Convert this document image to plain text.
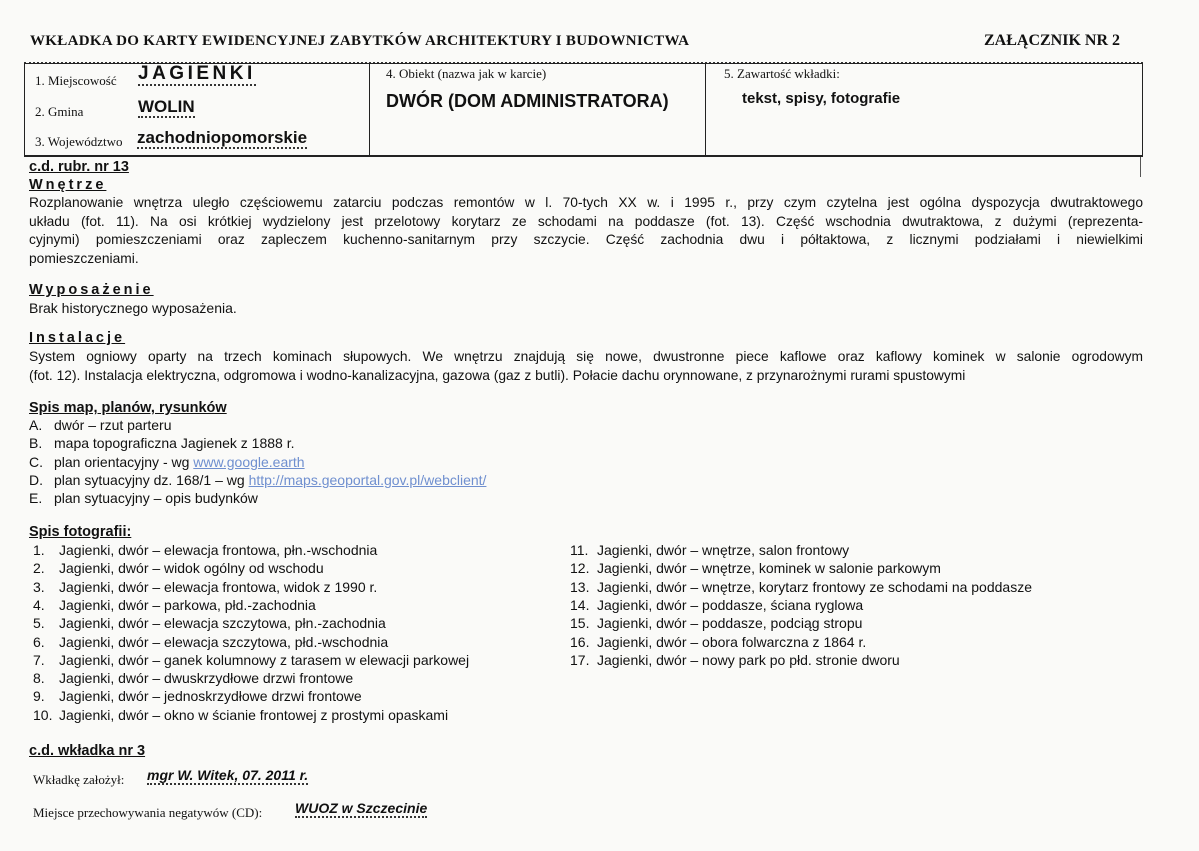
WKŁADKA DO KARTY EWIDENCYJNEJ ZABYTKÓW ARCHITEKTURY I BUDOWNICTWA	ZAŁĄCZNIK NR 2
1. Miejscowość JAGIENKI
2. Gmina	WOLIN
3. Województwo zachodniopomorskie
4. Obiekt (nazwa jak w karcie)
DWÓR (DOM ADMINISTRATORA)
5. Zawartość wkładki:
tekst, spisy, fotografie
c.d. rubr. nr 13
Wnętrze
Rozplanowanie wnętrza uległo częściowemu zatarciu podczas remontów w l. 70-tych XX w. i 1995 r., przy czym czytelna jest ogólna dyspozycja dwutraktowego
układu (fot. 11). Na osi krótkiej wydzielony jest przelotowy korytarz ze schodami na poddasze (fot. 13). Część wschodnia dwutraktowa, z dużymi (reprezenta-
cyjnymi) pomieszczeniami oraz zapleczem kuchenno-sanitarnym przy szczycie. Część zachodnia dwu i półtaktowa, z licznymi podziałami i niewielkimi
pomieszczeniami.
Wyposażenie
Brak historycznego wyposażenia.
Instalacje
System ogniowy oparty na trzech kominach słupowych. We wnętrzu znajdują się nowe, dwustronne piece kaflowe oraz kaflowy kominek w salonie ogrodowym
(fot. 12). Instalacja elektryczna, odgromowa i wodno-kanalizacyjna, gazowa (gaz z butli). Połacie dachu orynnowane, z przynarożnymi rurami spustowymi
Spis map, planów, rysunków
A. dwór – rzut parteru
B. mapa topograficzna Jagienek z 1888 r.
C. plan orientacyjny - wg www.google.earth
D. plan sytuacyjny dz. 168/1 – wg http://maps.geoportal.gov.pl/webclient/
E. plan sytuacyjny – opis budynków
Spis fotografii:
1. Jagienki, dwór – elewacja frontowa, płn.-wschodnia
2. Jagienki, dwór – widok ogólny od wschodu
3. Jagienki, dwór – elewacja frontowa, widok z 1990 r.
4. Jagienki, dwór – parkowa, płd.-zachodnia
5. Jagienki, dwór – elewacja szczytowa, płn.-zachodnia
6. Jagienki, dwór – elewacja szczytowa, płd.-wschodnia
7. Jagienki, dwór – ganek kolumnowy z tarasem w elewacji parkowej
8. Jagienki, dwór – dwuskrzydłowe drzwi frontowe
9. Jagienki, dwór – jednoskrzydłowe drzwi frontowe
10. Jagienki, dwór – okno w ścianie frontowej z prostymi opaskami
11. Jagienki, dwór – wnętrze, salon frontowy
12. Jagienki, dwór – wnętrze, kominek w salonie parkowym
13. Jagienki, dwór – wnętrze, korytarz frontowy ze schodami na poddasze
14. Jagienki, dwór – poddasze, ściana ryglowa
15. Jagienki, dwór – poddasze, podciąg stropu
16. Jagienki, dwór – obora folwarczna z 1864 r.
17. Jagienki, dwór – nowy park po płd. stronie dworu
c.d. wkładka nr 3
Wkładkę założył: mgr W. Witek, 07. 2011 r.
Miejsce przechowywania negatywów (CD): WUOZ w Szczecinie
